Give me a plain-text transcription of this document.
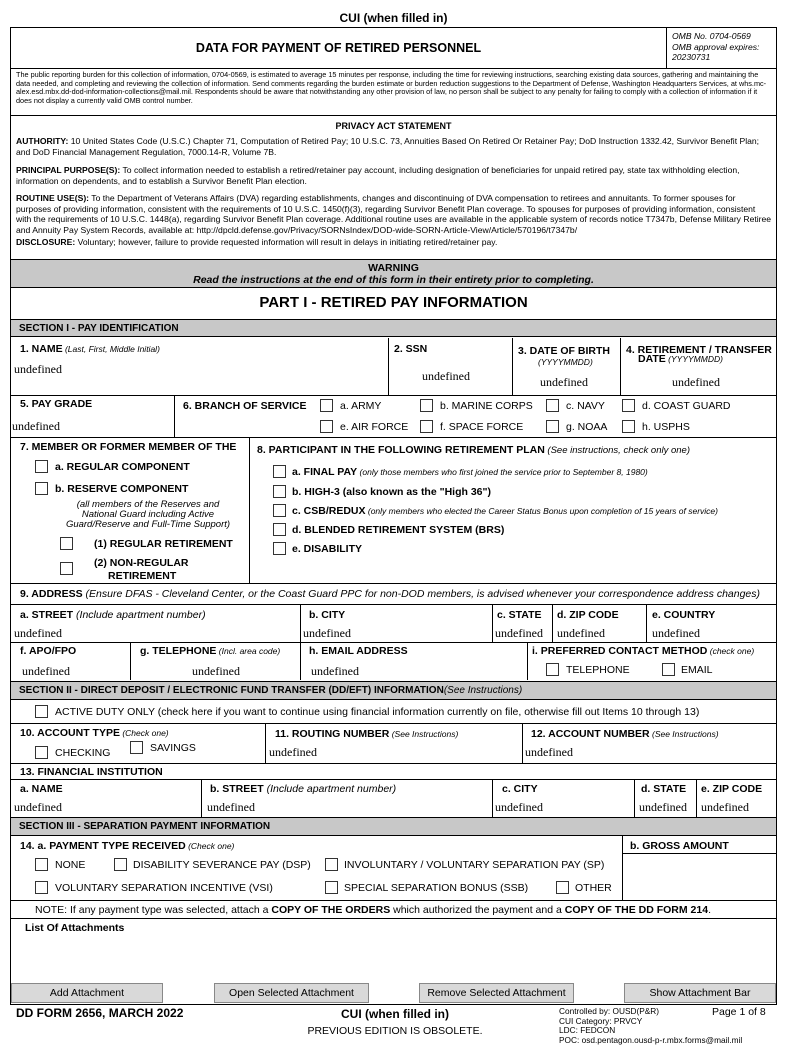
CUI (when filled in)
DATA FOR PAYMENT OF RETIRED PERSONNEL
OMB No. 0704-0569
OMB approval expires:
20230731
The public reporting burden for this collection of information, 0704-0569, is estimated to average 15 minutes per response, including the time for reviewing instructions, searching existing data sources, gathering and maintaining the data needed, and completing and reviewing the collection of information. Send comments regarding the burden estimate or burden reduction suggestions to the Department of Defense, Washington Headquarters Services, at whs.mc-alex.esd.mbx.dd-dod-information-collections@mail.mil. Respondents should be aware that notwithstanding any other provision of law, no person shall be subject to any penalty for failing to comply with a collection of information if it does not display a currently valid OMB control number.
PRIVACY ACT STATEMENT
AUTHORITY: 10 United States Code (U.S.C.) Chapter 71, Computation of Retired Pay; 10 U.S.C. 73, Annuities Based On Retired Or Retainer Pay; DoD Instruction 1332.42, Survivor Benefit Plan; and DoD Financial Management Regulation, 7000.14-R, Volume 7B.
PRINCIPAL PURPOSE(S): To collect information needed to establish a retired/retainer pay account, including designation of beneficiaries for unpaid retired pay, state tax withholding election, information on dependents, and to establish a Survivor Benefit Plan election.
ROUTINE USE(S): To the Department of Veterans Affairs (DVA) regarding establishments, changes and discontinuing of DVA compensation to retirees and annuitants. To former spouses for purposes of providing information, consistent with the requirements of 10 U.S.C. 1450(f)(3), regarding Survivor Benefit Plan coverage. To spouses for purposes of providing information, consistent with the requirements of 10 U.S.C. 1448(a), regarding Survivor Benefit Plan coverage. Additional routine uses are available in the applicable system of records notice T7347b, Defense Military Retiree and Annuity Pay System Records, available at: http://dpcld.defense.gov/Privacy/SORNsIndex/DOD-wide-SORN-Article-View/Article/570196/t7347b/
DISCLOSURE: Voluntary; however, failure to provide requested information will result in delays in initiating retired/retainer pay.
WARNING
Read the instructions at the end of this form in their entirety prior to completing.
PART I - RETIRED PAY INFORMATION
SECTION I - PAY IDENTIFICATION
1. NAME (Last, First, Middle Initial)
undefined
2. SSN
undefined
3. DATE OF BIRTH
(YYYYMMDD)
undefined
4. RETIREMENT / TRANSFER
DATE (YYYYMMDD)
undefined
5. PAY GRADE
undefined
6. BRANCH OF SERVICE	a. ARMY	b. MARINE CORPS	c. NAVY	d. COAST GUARD
e. AIR FORCE	f. SPACE FORCE	g. NOAA	h. USPHS
7. MEMBER OR FORMER MEMBER OF THE
a. REGULAR COMPONENT
b. RESERVE COMPONENT
(all members of the Reserves and
National Guard including Active
Guard/Reserve and Full-Time Support)
(1) REGULAR RETIREMENT
(2) NON-REGULAR
RETIREMENT
8. PARTICIPANT IN THE FOLLOWING RETIREMENT PLAN (See instructions, check only one)
a. FINAL PAY (only those members who first joined the service prior to September 8, 1980)
b. HIGH-3 (also known as the "High 36")
c. CSB/REDUX (only members who elected the Career Status Bonus upon completion of 15 years of service)
d. BLENDED RETIREMENT SYSTEM (BRS)
e. DISABILITY
9. ADDRESS (Ensure DFAS - Cleveland Center, or the Coast Guard PPC for non-DOD members, is advised whenever your correspondence address changes)
a. STREET (Include apartment number)
undefined
b. CITY
undefined
c. STATE
undefined
d. ZIP CODE
undefined
e. COUNTRY
undefined
f. APO/FPO
undefined
g. TELEPHONE (Incl. area code)
undefined
h. EMAIL ADDRESS
undefined
i. PREFERRED CONTACT METHOD (check one)
TELEPHONE	EMAIL
SECTION II - DIRECT DEPOSIT / ELECTRONIC FUND TRANSFER (DD/EFT) INFORMATION (See Instructions)
ACTIVE DUTY ONLY (check here if you want to continue using financial information currently on file, otherwise fill out Items 10 through 13)
10. ACCOUNT TYPE (Check one)
CHECKING	SAVINGS
11. ROUTING NUMBER (See Instructions)
undefined
12. ACCOUNT NUMBER (See Instructions)
undefined
13. FINANCIAL INSTITUTION
a. NAME
undefined
b. STREET (Include apartment number)
undefined
c. CITY
undefined
d. STATE
undefined
e. ZIP CODE
undefined
SECTION III - SEPARATION PAYMENT INFORMATION
14. a. PAYMENT TYPE RECEIVED (Check one)
NONE	DISABILITY SEVERANCE PAY (DSP)	INVOLUNTARY / VOLUNTARY SEPARATION PAY (SP)
VOLUNTARY SEPARATION INCENTIVE (VSI)	SPECIAL SEPARATION BONUS (SSB)	OTHER
b. GROSS AMOUNT
NOTE: If any payment type was selected, attach a COPY OF THE ORDERS which authorized the payment and a COPY OF THE DD FORM 214.
List Of Attachments
Add Attachment	Open Selected Attachment	Remove Selected Attachment	Show Attachment Bar
DD FORM 2656, MARCH 2022	CUI (when filled in)
PREVIOUS EDITION IS OBSOLETE.
Controlled by: OUSD(P&R)
CUI Category: PRVCY
LDC: FEDCON
POC: osd.pentagon.ousd-p-r.mbx.forms@mail.mil
Page 1 of 8
